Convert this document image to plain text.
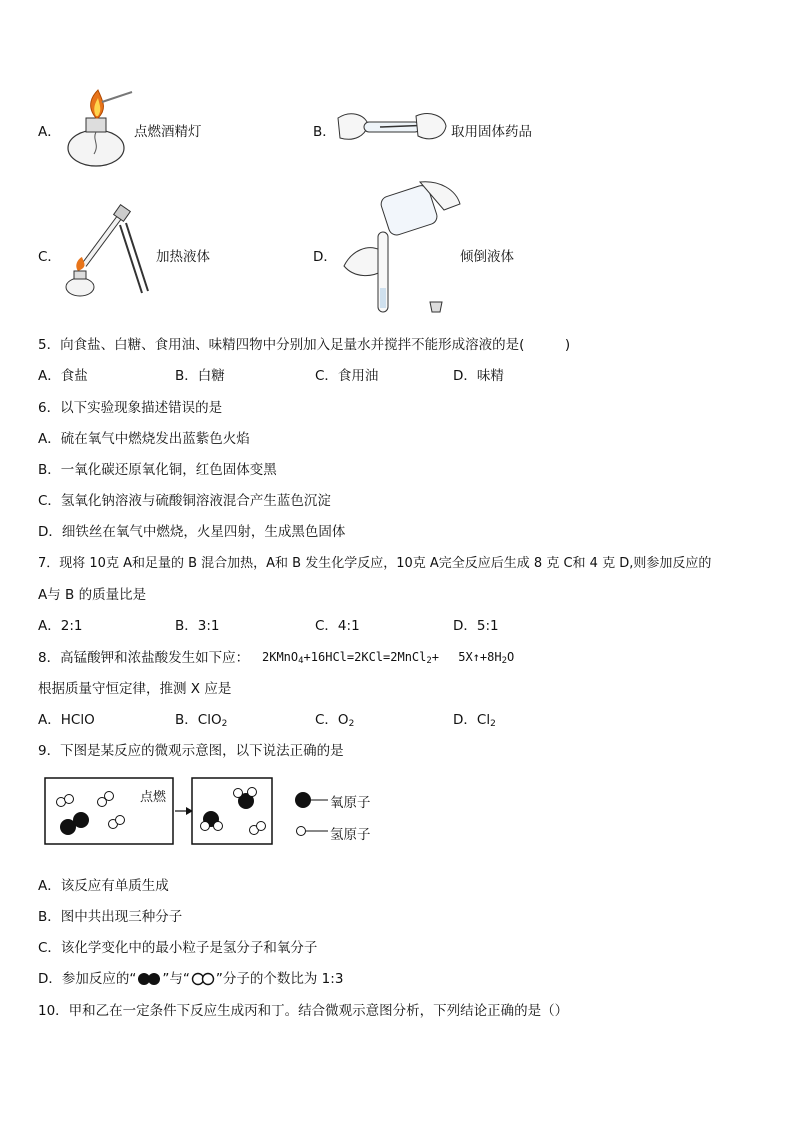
A．	点燃酒精灯	B．	取用固体药品
C．	加热液体	D．	倾倒液体
5．向食盐、白糖、食用油、味精四物中分别加入足量水并搅拌不能形成溶液的是(　　　)
A．食盐	B．白糖	C．食用油	D．味精
6．以下实验现象描述错误的是
A．硫在氧气中燃烧发出蓝紫色火焰
B．一氧化碳还原氧化铜，红色固体变黑
C．氢氧化钠溶液与硫酸铜溶液混合产生蓝色沉淀
D．细铁丝在氧气中燃烧，火星四射，生成黑色固体
7．现将 10克 A和足量的 B 混合加热，A和 B 发生化学反应，10克 A完全反应后生成 8 克 C和 4 克 D,则参加反应的
A与 B 的质量比是
A．2:1	B．3:1	C．4:1	D．5:1
8．高锰酸钾和浓盐酸发生如下应： 2KMnO$_4$+16HCl=2KCl=2MnCl$_2$+　 $5X↑+8H_2O$
根据质量守恒定律，推测 X 应是
A．HClO	B．ClO$_2$	C．$O_2$	D．$Cl_2$
9．下图是某反应的微观示意图，以下说法正确的是
点燃	氧原子
氢原子
A．该反应有单质生成
B．图中共出现三种分子
C．该化学变化中的最小粒子是氢分子和氧分子
D．参加反应的“ ”与“ ”分子的个数比为 1:3
10．甲和乙在一定条件下反应生成丙和丁。结合微观示意图分析，下列结论正确的是（）
